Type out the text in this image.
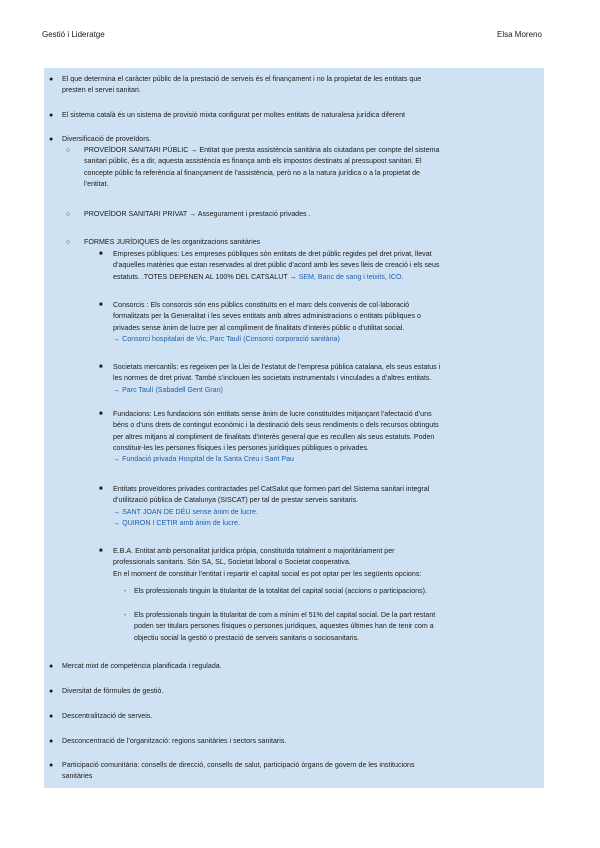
Gestió i Lideratge	Elsa Moreno
● El que determina el caràcter públic de la prestació de serveis és el finançament i no la propietat de les entitats que

presten el servei sanitari.

● El sistema català és un sistema de provisió mixta configurat per moltes entitats de naturalesa jurídica diferent

● Diversificació de proveïdors.

○ PROVEÏDOR SANITARI PÚBLIC → Entitat que presta assistència sanitària als ciutadans per compte del sistema

sanitari públic, és a dir, aquesta assistència es finança amb els impostos destinats al pressupost sanitari. El

concepte públic fa referència al finançament de l’assistència, però no a la natura jurídica o a la propietat de

l’entitat.

○ PROVEÏDOR SANITARI PRIVAT → Assegurament i prestació privades .

○ FORMES JURÍDIQUES de les organitzacions sanitàries

■ Empreses públiques: Les empreses públiques són entitats de dret públic regides pel dret privat, llevat

d’aquelles matèries que estan reservades al dret públic d’acord amb les seves lleis de creació i els seus

estatuts. .TOTES DEPENEN AL 100% DEL CATSALUT → SEM, Banc de sang i teixits, ICO.

■ Consorcis : Els consorcis són ens públics constituïts en el marc dels convenis de col·laboració

formalitzats per la Generalitat i les seves entitats amb altres administracions o entitats públiques o

privades sense ànim de lucre per al compliment de finalitats d’interès públic o d’utilitat social.

→ Consorci hospitalari de Vic, Parc Taulí (Consorci corporació sanitària)

■ Societats mercantils: es regeixen per la Llei de l’estatut de l’empresa pública catalana, els seus estatus i

les normes de dret privat. També s’inclouen les societats instrumentals i vinculades a d’altres entitats.

→ Parc Taulí (Sabadell Gent Gran)

■ Fundacions: Les fundacions són entitats sense ànim de lucre constituïdes mitjançant l’afectació d’uns

béns o d’uns drets de contingut econòmic i la destinació dels seus rendiments o dels recursos obtinguts

per altres mitjans al compliment de finalitats d’interès general que es recullen als seus estatuts. Poden

constituir-les les persones físiques i les persones jurídiques públiques o privades.

→ Fundació privada Hospital de la Santa Creu i Sant Pau

■ Entitats proveïdores privades contractades pel CatSalut que formen part del Sistema sanitari integral

d’utilització pública de Catalunya (SISCAT) per tal de prestar serveis sanitaris.

→ SANT JOAN DE DÉU sense ànim de lucre.

→ QUIRON I CETIR amb ànim de lucre.

■ E.B.A. Entitat amb personalitat jurídica pròpia, constituïda totalment o majoritàriament per

professionals sanitaris. Són SA, SL, Societat laboral o Societat cooperativa.

En el moment de constituir l’entitat i repartir el capital social es pot optar per les següents opcions:

- Els professionals tinguin la titularitat de la totalitat del capital social (accions o participacions).

- Els professionals tinguin la titularitat de com a mínim el 51% del capital social. De la part restant

poden ser titulars persones físiques o persones jurídiques, aquestes últimes han de tenir com a

objectiu social la gestió o prestació de serveis sanitaris o sociosanitaris.

● Mercat mixt de competència planificada i regulada.

● Diversitat de fórmules de gestió.

● Descentralització de serveis.

● Desconcentració de l’organització: regions sanitàries i sectors sanitaris.

● Participació comunitària: consells de direcció, consells de salut, participació òrgans de govern de les institucions

sanitàries
